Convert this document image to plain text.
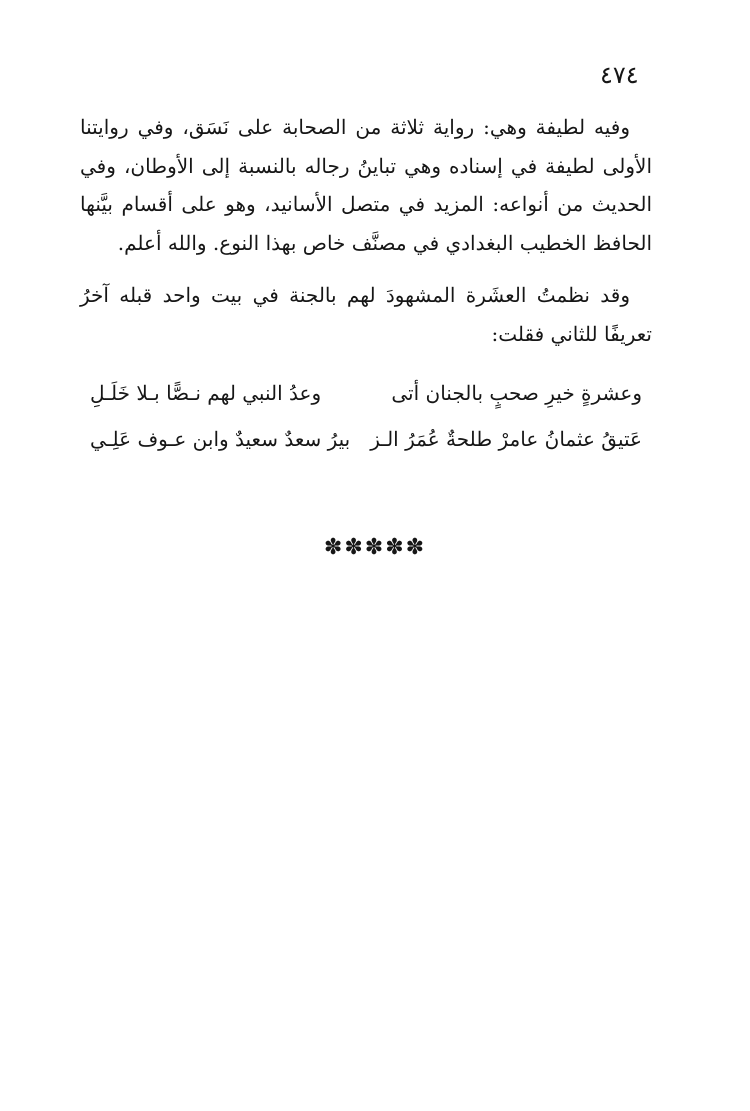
٤٧٤

وفيه لطيفة وهي: رواية ثلاثة من الصحابة على نَسَق، وفي روايتنا الأولى لطيفة في إسناده وهي تباينُ رجاله بالنسبة إلى الأوطان، وفي الحديث من أنواعه: المزيد في متصل الأسانيد، وهو على أقسام بيَّنها الحافظ الخطيب البغدادي في مصنَّف خاص بهذا النوع. والله أعلم.

وقد نظمتُ العشَرة المشهودَ لهم بالجنة في بيت واحد قبله آخرُ تعريفًا للثاني فقلت:

وعشرةٍ خيرِ صحبٍ بالجنان أتى
وعدُ النبي لهم نـصًّا بـلا خَلَـلِ
عَتيقُ عثمانُ عامرْ طلحةٌ عُمَرُ الـز
بيرُ سعدٌ سعيدٌ وابن عـوف عَلِـي
✽✽✽✽✽
